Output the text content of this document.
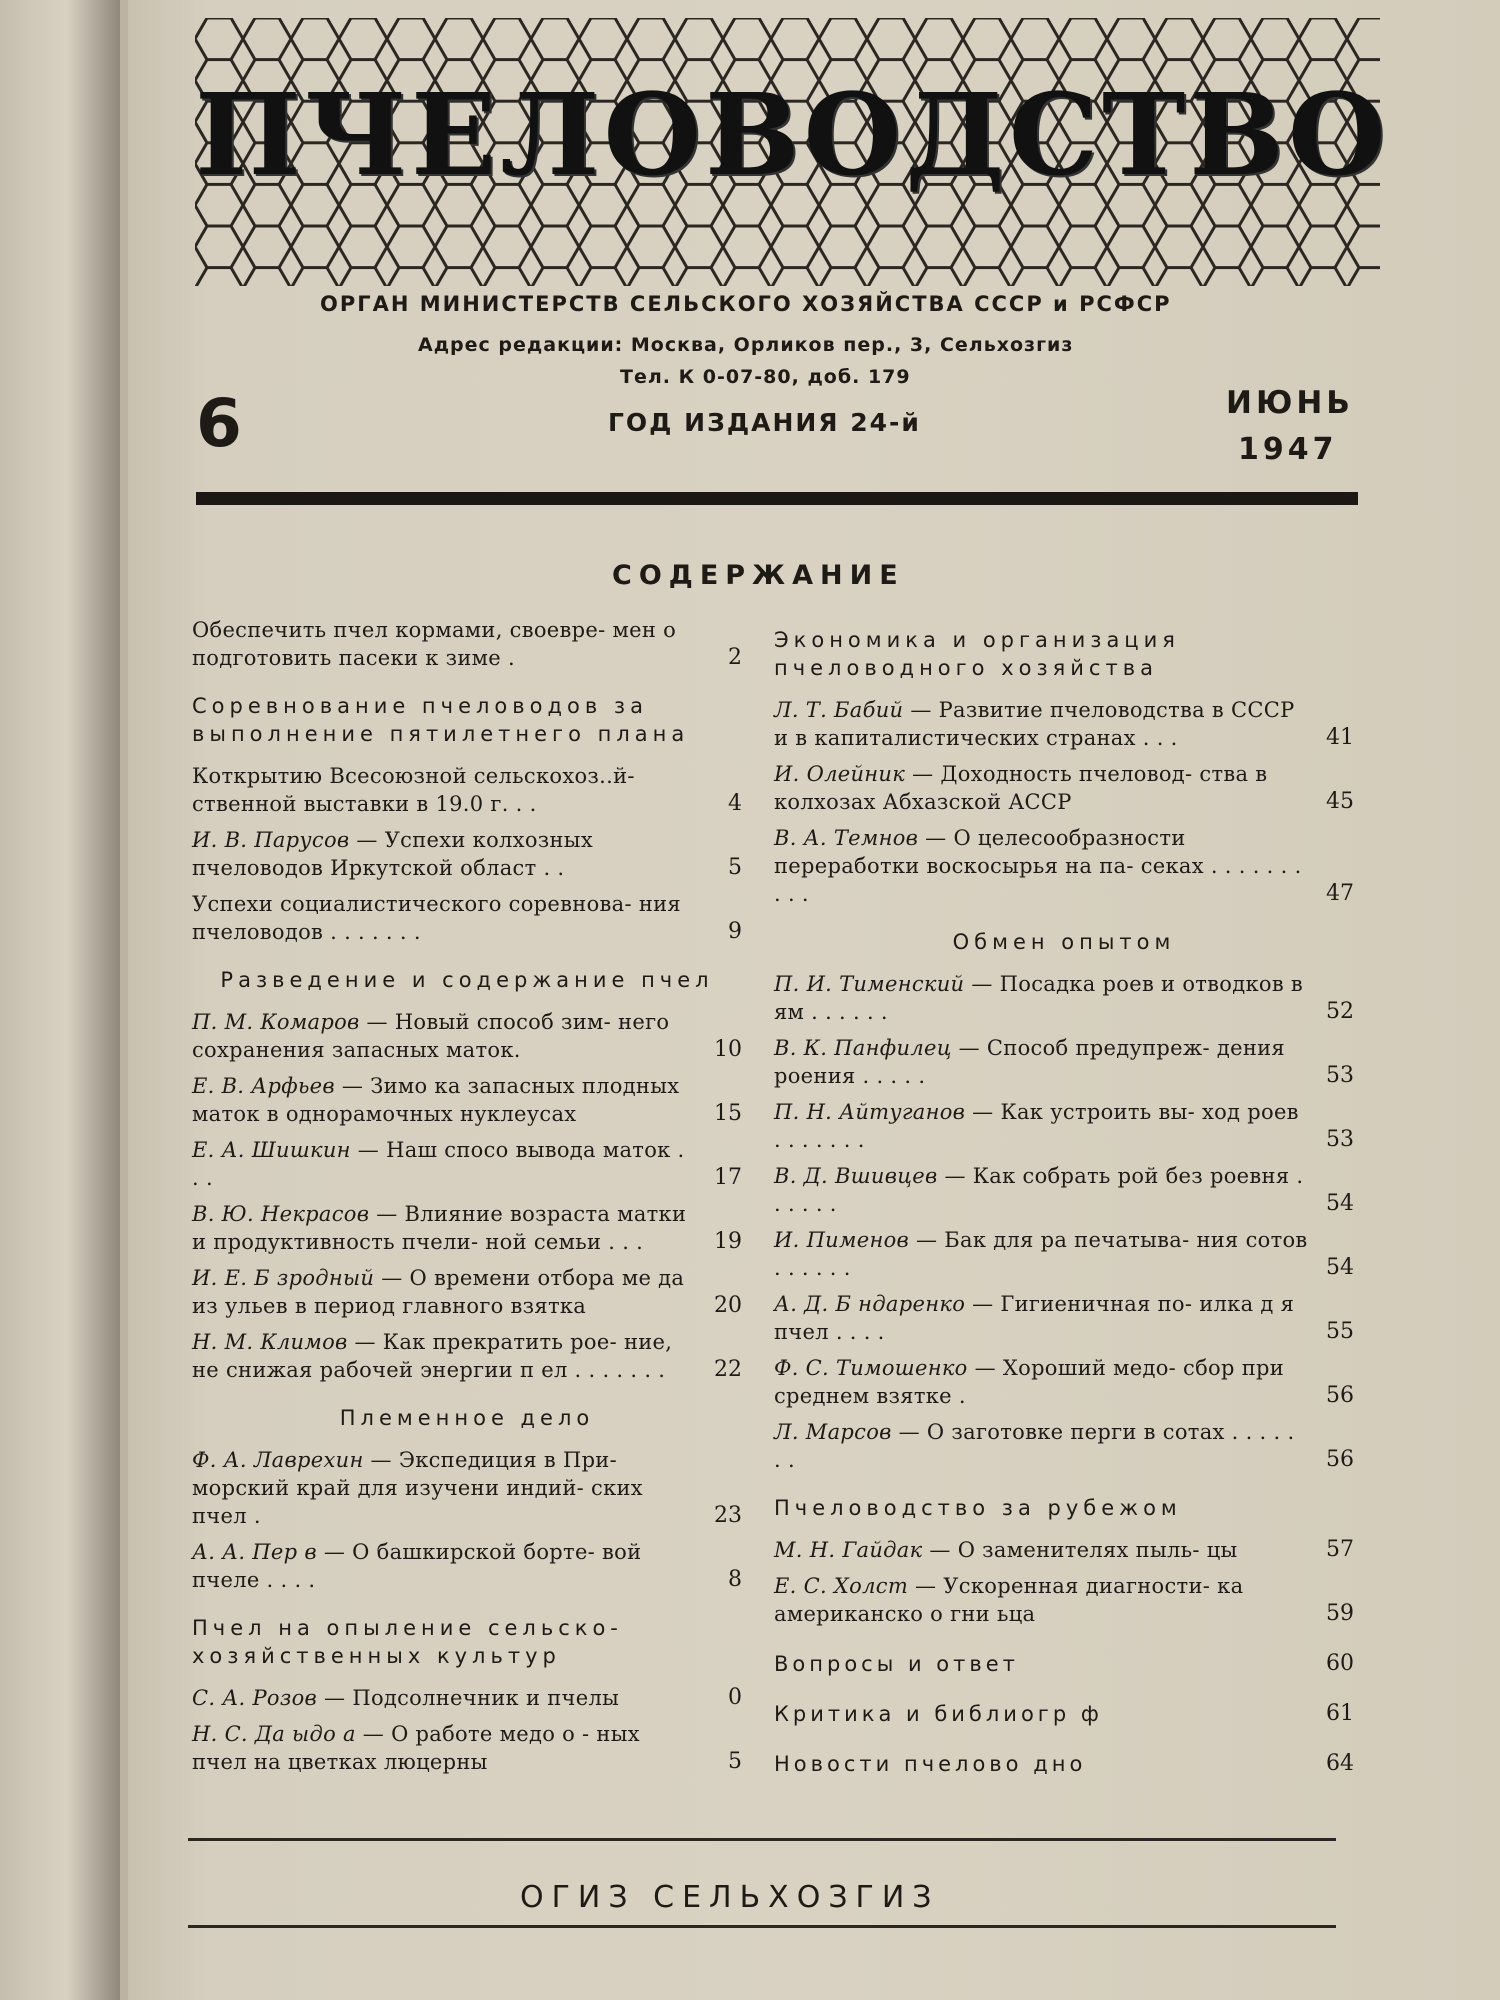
ПЧЕЛОВОДСТВО
ОРГАН МИНИСТЕРСТВ СЕЛЬСКОГО ХОЗЯЙСТВА СССР и РСФСР
Адрес редакции: Москва, Орликов пер., 3, Сельхозгиз
Тел. К 0-07-80, доб. 179
6	ГОД ИЗДАНИЯ 24-й
ИЮНЬ
1947
СОДЕРЖАНИЕ
Обеспечить пчел кормами, своевре- мен о подготовить пасеки к зиме .	2
Соревнование пчеловодов за выполнение пятилетнего плана
Коткрытию Всесоюзной сельскохоз..й- ственной выставки в 19.0 г. . .	4
И. В. Парусов — Успехи колхозных пчеловодов Иркутской област . .	5
Успехи социалистического соревнова- ния пчеловодов . . . . . . .	9
Разведение и содержание пчел
П. М. Комаров — Новый способ зим- него сохранения запасных маток.	10
Е. В. Арфьев — Зимо ка запасных плодных маток в однорамочных нуклеусах	15
Е. А. Шишкин — Наш спосо вывода маток . . .	17
В. Ю. Некрасов — Влияние возраста матки и продуктивность пчели- ной семьи . . .	19
И. Е. Б зродный — О времени отбора ме да из ульев в период главного взятка	20
Н. М. Климов — Как прекратить рое- ние, не снижая рабочей энергии п ел . . . . . . .	22
Племенное дело
Ф. А. Лаврехин — Экспедиция в При- морский край для изучени индий- ских пчел .	23
А. А. Пер в — О башкирской борте- вой пчеле . . . .	8
Пчел на опыление сельско- хозяйственных культур
С. А. Розов — Подсолнечник и пчелы	0
Н. С. Да ыдо а — О работе медо о - ных пчел на цветках люцерны	5
Экономика и организация пчеловодного хозяйства
Л. Т. Бабий — Развитие пчеловодства в СССР и в капиталистических странах . . .	41
И. Олейник — Доходность пчеловод- ства в колхозах Абхазской АССР	45
В. А. Темнов — О целесообразности переработки воскосырья на па- секах . . . . . . . . . .	47
Обмен опытом
П. И. Тименский — Посадка роев и отводков в ям . . . . . .	52
В. К. Панфилец — Способ предупреж- дения роения . . . . .	53
П. Н. Айтуганов — Как устроить вы- ход роев . . . . . . .	53
В. Д. Вшивцев — Как собрать рой без роевня . . . . . .	54
И. Пименов — Бак для ра печатыва- ния сотов . . . . . .	54
А. Д. Б ндаренко — Гигиеничная по- илка д я пчел . . . .	55
Ф. С. Тимошенко — Хороший медо- сбор при среднем взятке .	56
Л. Марсов — О заготовке перги в сотах . . . . . . .	56
Пчеловодство за рубежом
М. Н. Гайдак — О заменителях пыль- цы	57
Е. С. Холст — Ускоренная диагности- ка американско о гни ьца	59
Вопросы и ответ	60
Критика и библиогр ф	61
Новости пчелово дно	64
ОГИЗ СЕЛЬХОЗГИЗ
